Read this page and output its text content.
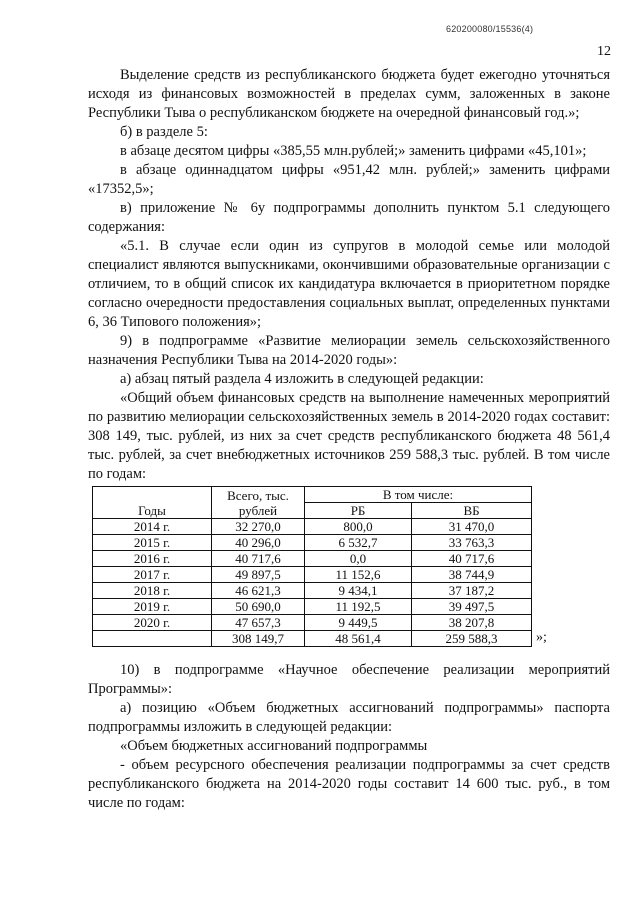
620200080/15536(4)
12

Выделение средств из республиканского бюджета будет ежегодно уточняться исходя из финансовых возможностей в пределах сумм, заложенных в законе Республики Тыва о республиканском бюджете на очередной финансовый год.»;

б) в разделе 5:

в абзаце десятом цифры «385,55 млн.рублей;» заменить цифрами «45,101»;

в абзаце одиннадцатом цифры «951,42 млн. рублей;» заменить цифрами «17352,5»;

в) приложение № 6у подпрограммы дополнить пунктом 5.1 следующего содержания:

«5.1. В случае если один из супругов в молодой семье или молодой специалист являются выпускниками, окончившими образовательные организации с отличием, то в общий список их кандидатура включается в приоритетном порядке согласно очередности предоставления социальных выплат, определенных пунктами 6, 36 Типового положения»;

9) в подпрограмме «Развитие мелиорации земель сельскохозяйственного назначения Республики Тыва на 2014-2020 годы»:

а) абзац пятый раздела 4 изложить в следующей редакции:

«Общий объем финансовых средств на выполнение намеченных мероприятий по развитию мелиорации сельскохозяйственных земель в 2014-2020 годах составит: 308 149, тыс. рублей, из них за счет средств республиканского бюджета 48 561,4 тыс. рублей, за счет внебюджетных источников 259 588,3 тыс. рублей. В том числе по годам:

Годы	Всего, тыс. рублей	В том числе:	
		РБ	ВБ
2014 г.	32 270,0	800,0	31 470,0
2015 г.	40 296,0	6 532,7	33 763,3
2016 г.	40 717,6	0,0	40 717,6
2017 г.	49 897,5	11 152,6	38 744,9
2018 г.	46 621,3	9 434,1	37 187,2
2019 г.	50 690,0	11 192,5	39 497,5
2020 г.	47 657,3	9 449,5	38 207,8
	308 149,7	48 561,4	259 588,3	»;

10) в подпрограмме «Научное обеспечение реализации мероприятий Программы»:

а) позицию «Объем бюджетных ассигнований подпрограммы» паспорта подпрограммы изложить в следующей редакции:

«Объем бюджетных ассигнований подпрограммы

- объем ресурсного обеспечения реализации подпрограммы за счет средств республиканского бюджета на 2014-2020 годы составит 14 600 тыс. руб., в том числе по годам:
